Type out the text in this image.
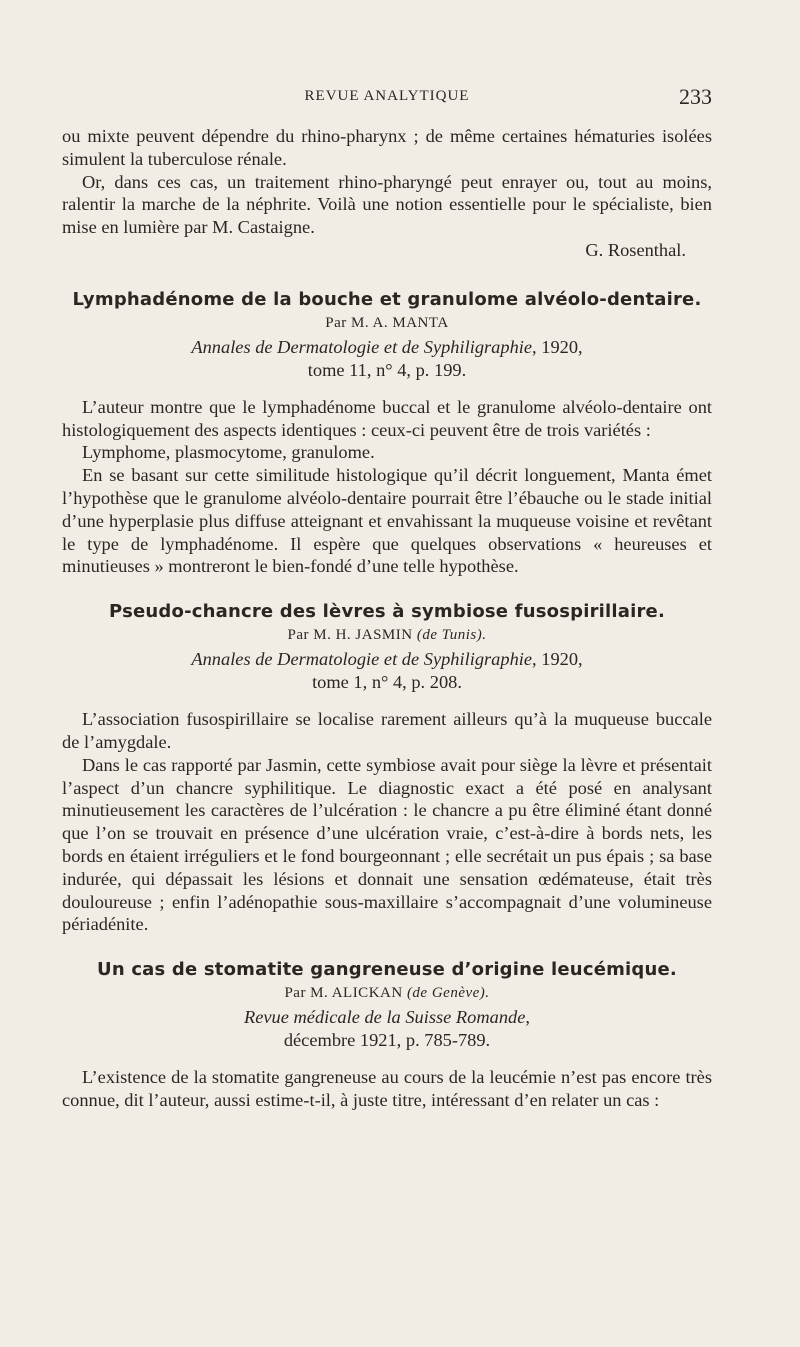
REVUE ANALYTIQUE	233

ou mixte peuvent dépendre du rhino-pharynx ; de même certaines hématuries isolées simulent la tuberculose rénale.

Or, dans ces cas, un traitement rhino-pharyngé peut enrayer ou, tout au moins, ralentir la marche de la néphrite. Voilà une notion essentielle pour le spécialiste, bien mise en lumière par M. Castaigne.

G. Rosenthal.
Lymphadénome de la bouche et granulome alvéolo-dentaire.
Par M. A. MANTA
Annales de Dermatologie et de Syphiligraphie, 1920,
tome 11, n° 4, p. 199.

L’auteur montre que le lymphadénome buccal et le granulome alvéolo-dentaire ont histologiquement des aspects identiques : ceux-ci peuvent être de trois variétés :

Lymphome, plasmocytome, granulome.

En se basant sur cette similitude histologique qu’il décrit longuement, Manta émet l’hypothèse que le granulome alvéolo-dentaire pourrait être l’ébauche ou le stade initial d’une hyperplasie plus diffuse atteignant et envahissant la muqueuse voisine et revêtant le type de lymphadénome. Il espère que quelques observations « heureuses et minutieuses » montreront le bien-fondé d’une telle hypothèse.

Pseudo-chancre des lèvres à symbiose fusospirillaire.
Par M. H. JASMIN (de Tunis).
Annales de Dermatologie et de Syphiligraphie, 1920,
tome 1, n° 4, p. 208.

L’association fusospirillaire se localise rarement ailleurs qu’à la muqueuse buccale de l’amygdale.

Dans le cas rapporté par Jasmin, cette symbiose avait pour siège la lèvre et présentait l’aspect d’un chancre syphilitique. Le diagnostic exact a été posé en analysant minutieusement les caractères de l’ulcération : le chancre a pu être éliminé étant donné que l’on se trouvait en présence d’une ulcération vraie, c’est-à-dire à bords nets, les bords en étaient irréguliers et le fond bourgeonnant ; elle secrétait un pus épais ; sa base indurée, qui dépassait les lésions et donnait une sensation œdémateuse, était très douloureuse ; enfin l’adénopathie sous-maxillaire s’accompagnait d’une volumineuse périadénite.

Un cas de stomatite gangreneuse d’origine leucémique.
Par M. ALICKAN (de Genève).
Revue médicale de la Suisse Romande,
décembre 1921, p. 785-789.

L’existence de la stomatite gangreneuse au cours de la leucémie n’est pas encore très connue, dit l’auteur, aussi estime-t-il, à juste titre, intéressant d’en relater un cas :
